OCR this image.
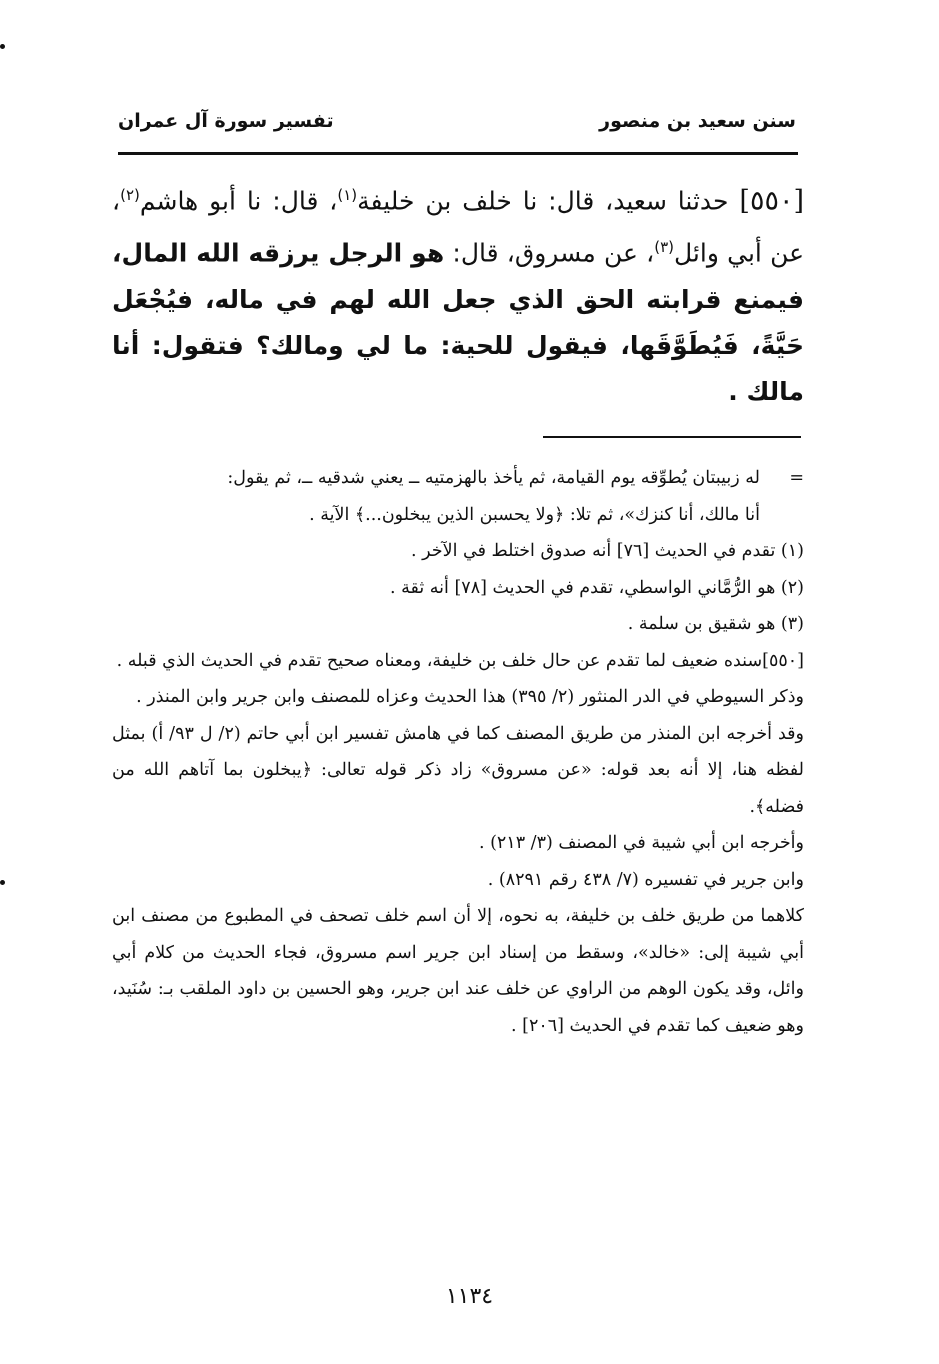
سنن سعيد بن منصور
تفسير سورة آل عمران
[٥٥٠] حدثنا سعيد، قال: نا خلف بن خليفة$^{(١)}$، قال: نا أبو هاشم$^{(٢)}$، عن أبي وائل$^{(٣)}$، عن مسروق، قال: هو الرجل يرزقه الله المال، فيمنع قرابته الحق الذي جعل الله لهم في ماله، فيُجْعَل حَيَّةً، فَيُطَوَّقَها، فيقول للحية: ما لي ومالك؟ فتقول: أنا مالك .
=

له زبيبتان يُطوِّقه يوم القيامة، ثم يأخذ بالهزمتيه ــ يعني شدقيه ــ، ثم يقول:

أنا مالك، أنا كنزك»، ثم تلا: ﴿ولا يحسبن الذين يبخلون...﴾ الآية .

(١) تقدم في الحديث [٧٦] أنه صدوق اختلط في الآخر .

(٢) هو الرُّمَّاني الواسطي، تقدم في الحديث [٧٨] أنه ثقة .

(٣) هو شقيق بن سلمة .

[٥٥٠]سنده ضعيف لما تقدم عن حال خلف بن خليفة، ومعناه صحيح تقدم في الحديث الذي قبله .

وذكر السيوطي في الدر المنثور (٢/ ٣٩٥) هذا الحديث وعزاه للمصنف وابن جرير وابن المنذر .

وقد أخرجه ابن المنذر من طريق المصنف كما في هامش تفسير ابن أبي حاتم (٢/ ل ٩٣/ أ) بمثل لفظه هنا، إلا أنه بعد قوله: «عن مسروق» زاد ذكر قوله تعالى: ﴿يبخلون بما آتاهم الله من فضله﴾.

وأخرجه ابن أبي شيبة في المصنف (٣/ ٢١٣) .

وابن جرير في تفسيره (٧/ ٤٣٨ رقم ٨٢٩١) .

كلاهما من طريق خلف بن خليفة، به نحوه، إلا أن اسم خلف تصحف في المطبوع من مصنف ابن أبي شيبة إلى: «خالد»، وسقط من إسناد ابن جرير اسم مسروق، فجاء الحديث من كلام أبي وائل، وقد يكون الوهم من الراوي عن خلف عند ابن جرير، وهو الحسين بن داود الملقب بـ: سُنَيد، وهو ضعيف كما تقدم في الحديث [٢٠٦] .

١١٣٤
